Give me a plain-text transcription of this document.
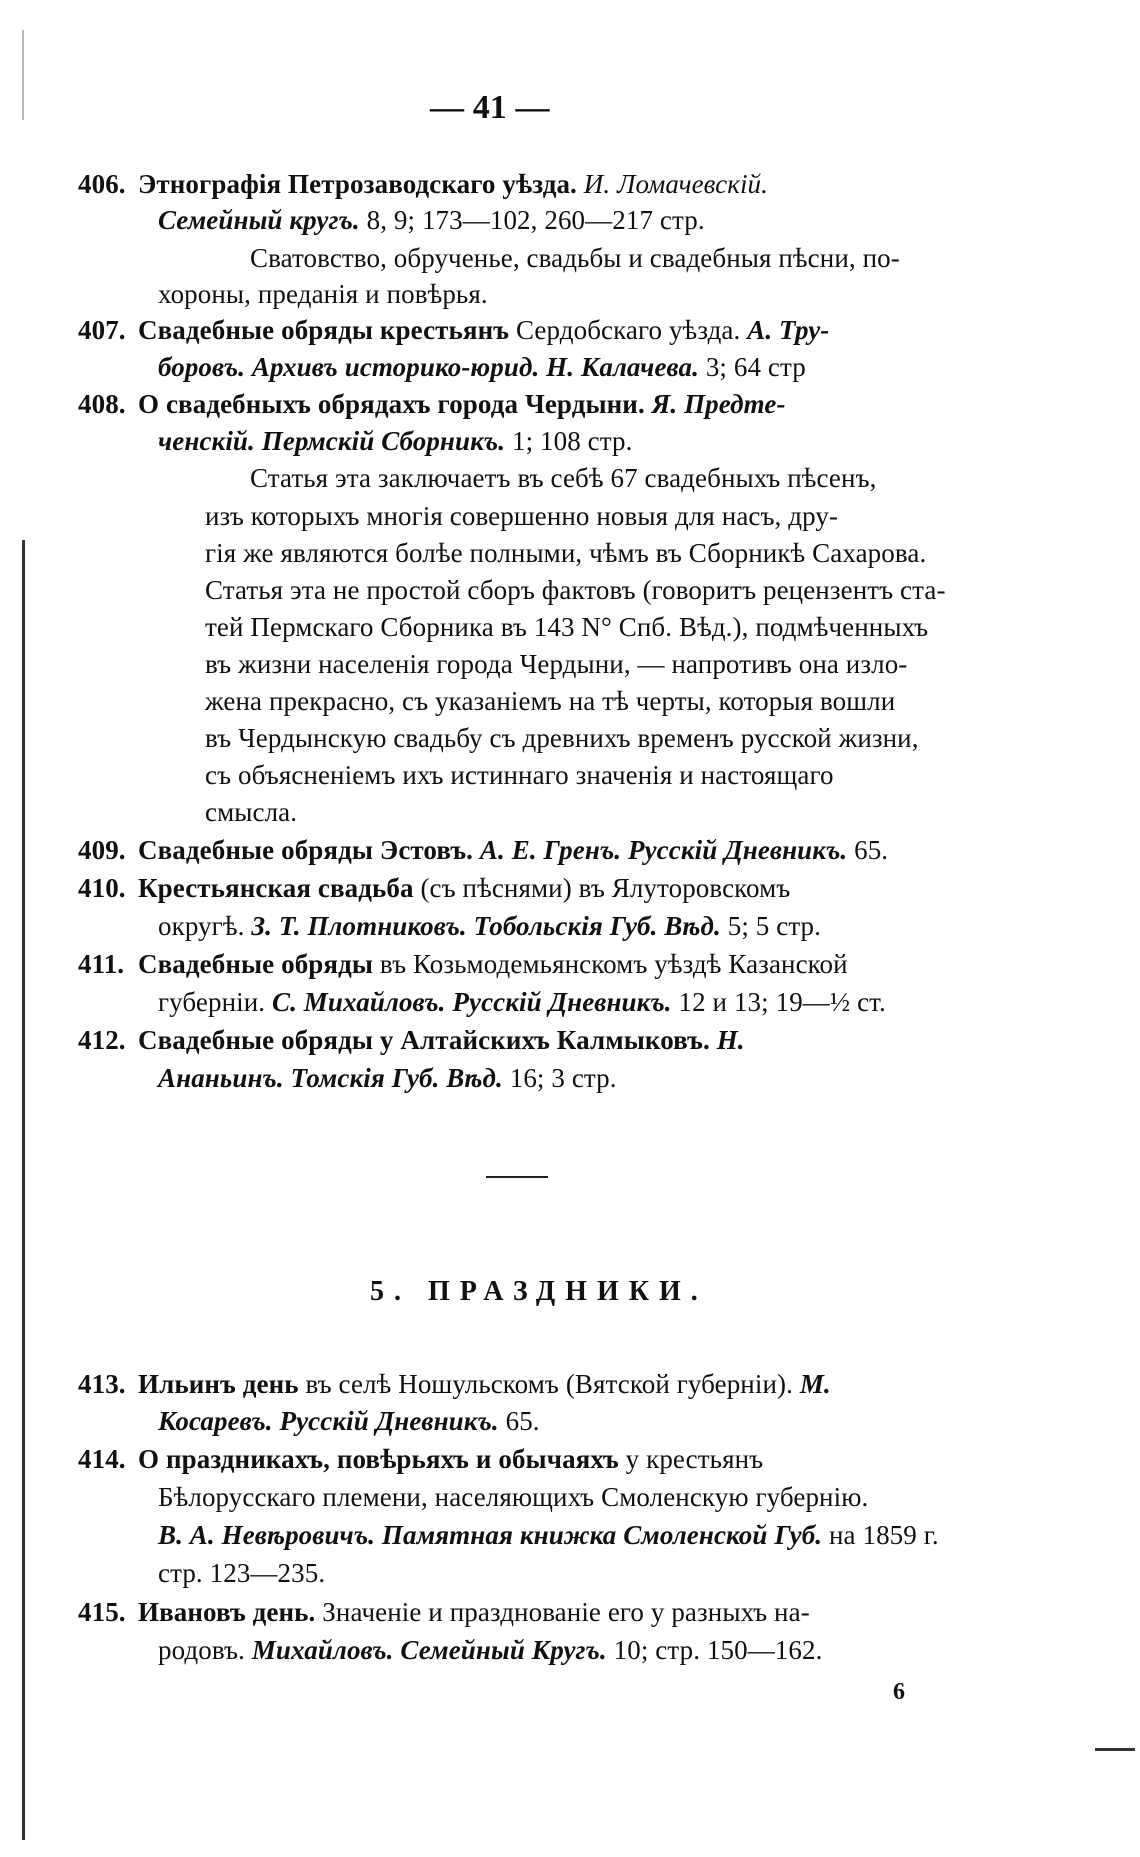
— 41 —
406. Этнографія Петрозаводскаго уѣзда. И. Ломачевскій.
Семейный кругъ. 8, 9; 173—102, 260—217 стр.
Сватовство, обрученье, свадьбы и свадебныя пѣсни, по-
хороны, преданія и повѣрья.
407. Свадебные обряды крестьянъ Сердобскаго уѣзда. А. Тру-
боровъ. Архивъ историко-юрид. Н. Калачева. 3; 64 стр
408. О свадебныхъ обрядахъ города Чердыни. Я. Предте-
ченскій. Пермскій Сборникъ. 1; 108 стр.
Статья эта заключаетъ въ себѣ 67 свадебныхъ пѣсенъ,
изъ которыхъ многія совершенно новыя для насъ, дру-
гія же являются болѣе полными, чѣмъ въ Сборникѣ Сахарова.
Статья эта не простой сборъ фактовъ (говоритъ рецензентъ ста-
тей Пермскаго Сборника въ 143 N° Спб. Вѣд.), подмѣченныхъ
въ жизни населенія города Чердыни, — напротивъ она изло-
жена прекрасно, съ указаніемъ на тѣ черты, которыя вошли
въ Чердынскую свадьбу съ древнихъ временъ русской жизни,
съ объясненіемъ ихъ истиннаго значенія и настоящаго
смысла.
409. Свадебные обряды Эстовъ. А. Е. Гренъ. Русскій Дневникъ. 65.
410. Крестьянская свадьба (съ пѣснями) въ Ялуторовскомъ
округѣ. З. Т. Плотниковъ. Тобольскія Губ. Вѣд. 5; 5 стр.
411. Свадебные обряды въ Козьмодемьянскомъ уѣздѣ Казанской
губерніи. С. Михайловъ. Русскій Дневникъ. 12 и 13; 19—½ ст.
412. Свадебные обряды у Алтайскихъ Калмыковъ. Н.
Ананьинъ. Томскія Губ. Вѣд. 16; 3 стр.
5. ПРАЗДНИКИ.
413. Ильинъ день въ селѣ Ношульскомъ (Вятской губерніи). М.
Косаревъ. Русскій Дневникъ. 65.
414. О праздникахъ, повѣрьяхъ и обычаяхъ у крестьянъ
Бѣлорусскаго племени, населяющихъ Смоленскую губернію.
В. А. Невѣровичъ. Памятная книжка Смоленской Губ. на 1859 г.
стр. 123—235.
415. Ивановъ день. Значеніе и празднованіе его у разныхъ на-
родовъ. Михайловъ. Семейный Кругъ. 10; стр. 150—162.
6
